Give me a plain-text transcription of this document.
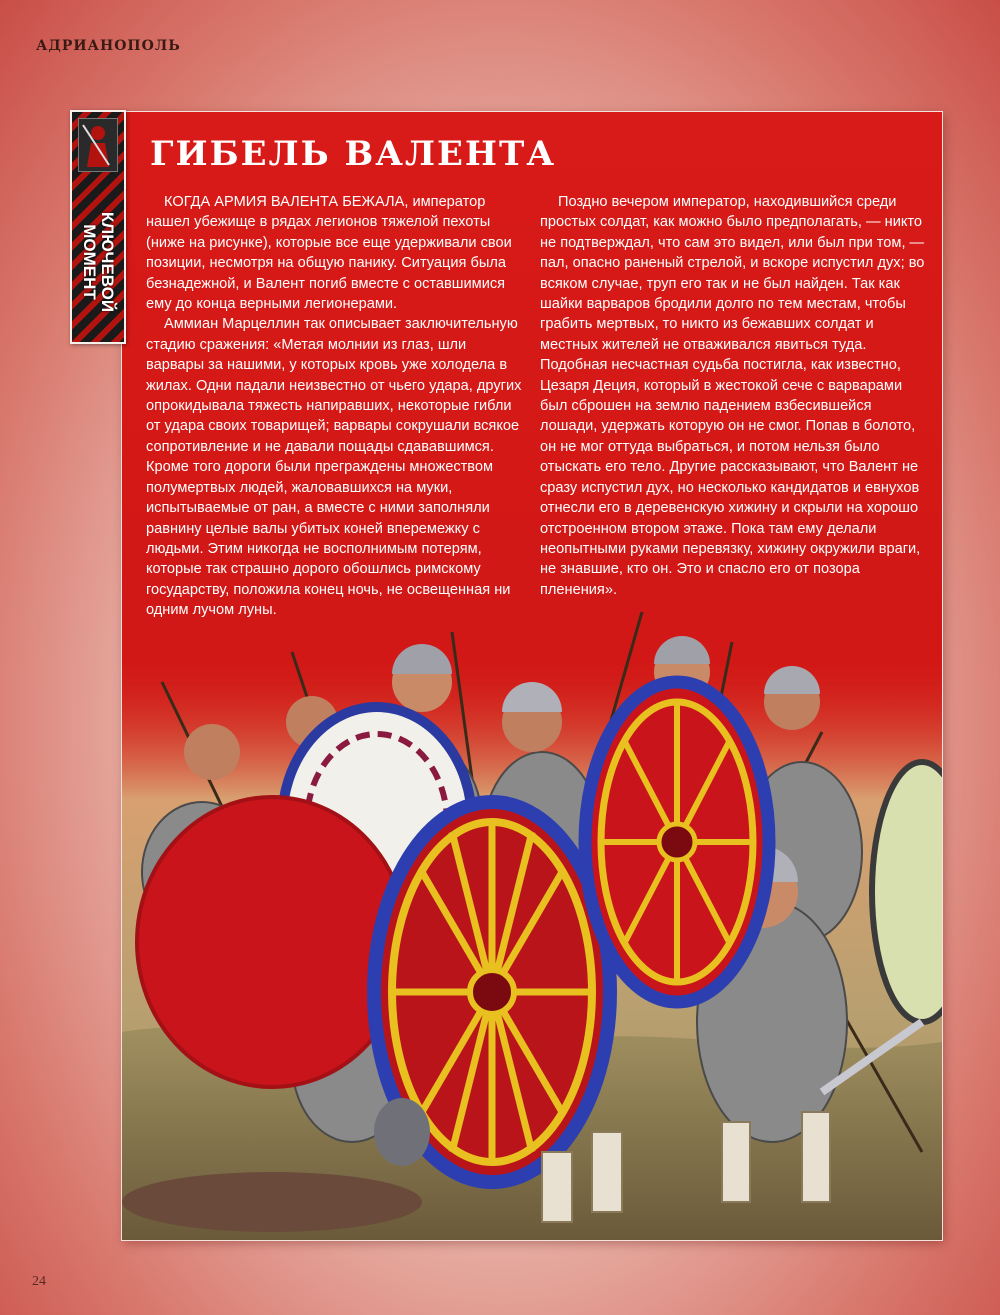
АДРИАНОПОЛЬ
ГИБЕЛЬ ВАЛЕНТА

КОГДА АРМИЯ ВАЛЕНТА БЕЖАЛА, император нашел убежище в рядах легионов тяжелой пехоты (ниже на рисунке), которые все еще удерживали свои позиции, несмотря на общую панику. Ситуация была безнадежной, и Валент погиб вместе с оставшимися ему до конца верными легионерами.

Аммиан Марцеллин так описывает заключительную стадию сражения: «Метая молнии из глаз, шли варвары за нашими, у которых кровь уже холодела в жилах. Одни падали неизвестно от чьего удара, других опрокидывала тяжесть напиравших, некоторые гибли от удара своих товарищей; варвары сокрушали всякое сопротивление и не давали пощады сдававшимся. Кроме того дороги были преграждены множеством полумертвых людей, жаловавшихся на муки, испытываемые от ран, а вместе с ними заполняли равнину целые валы убитых коней вперемежку с людьми. Этим никогда не восполнимым потерям, которые так страшно дорого обошлись римскому государству, положила конец ночь, не освещенная ни одним лучом луны.

Поздно вечером император, находившийся среди простых солдат, как можно было предполагать, — никто не подтверждал, что сам это видел, или был при том, — пал, опасно раненый стрелой, и вскоре испустил дух; во всяком случае, труп его так и не был найден. Так как шайки варваров бродили долго по тем местам, чтобы грабить мертвых, то никто из бежавших солдат и местных жителей не отваживался явиться туда. Подобная несчастная судьба постигла, как известно, Цезаря Деция, который в жестокой сече с варварами был сброшен на землю падением взбесившейся лошади, удержать которую он не смог. Попав в болото, он не мог оттуда выбраться, и потом нельзя было отыскать его тело. Другие рассказывают, что Валент не сразу испустил дух, но несколько кандидатов и евнухов отнесли его в деревенскую хижину и скрыли на хорошо отстроенном втором этаже. Пока там ему делали неопытными руками перевязку, хижину окружили враги, не знавшие, кто он. Это и спасло его от позора пленения».

КЛЮЧЕВОЙ
МОМЕНТ
24
